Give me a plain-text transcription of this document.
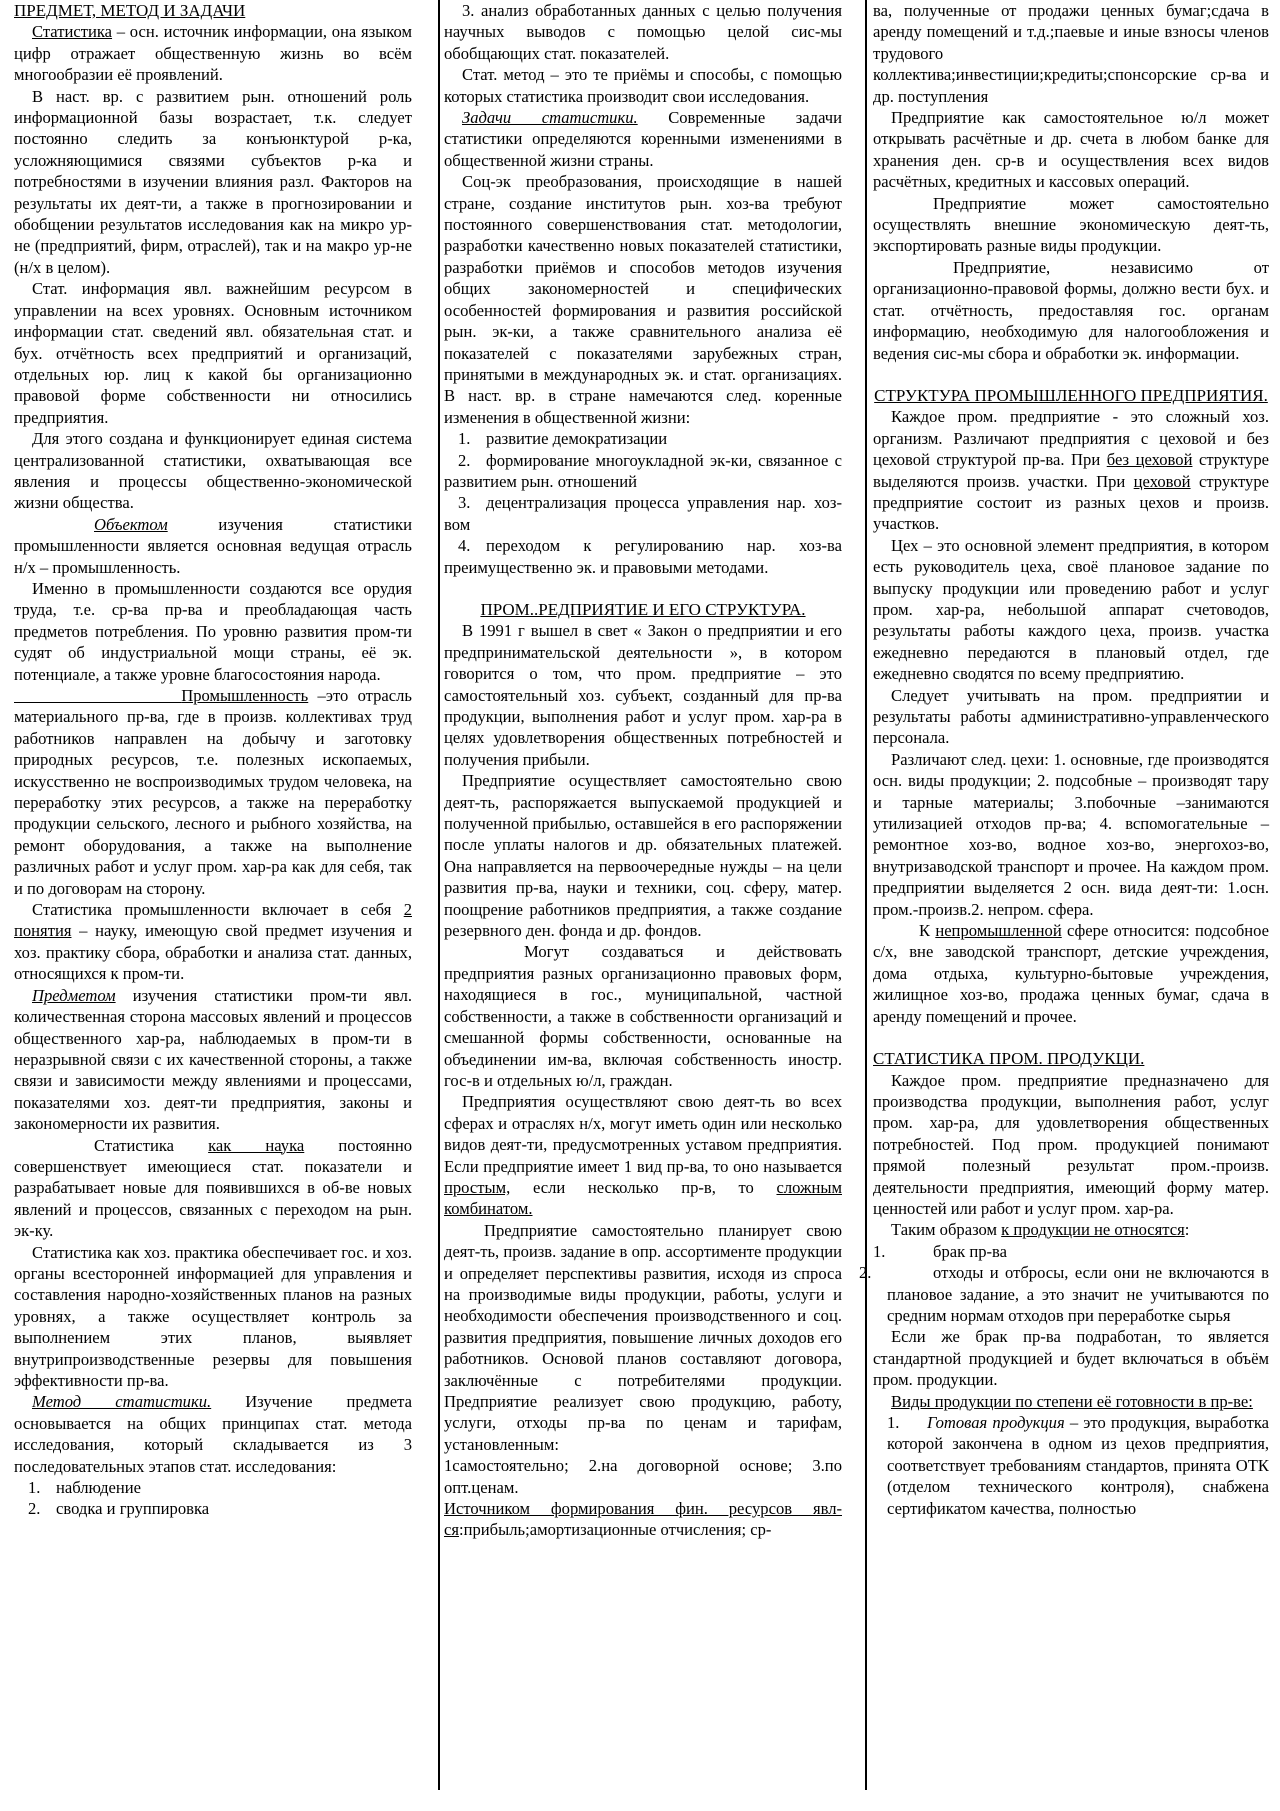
ПРЕДМЕТ, МЕТОД И ЗАДАЧИ

Статистика – осн. источник информации, она языком цифр отражает общественную жизнь во всём многообразии её проявлений.

В наст. вр. с развитием рын. отношений роль информационной базы возрастает, т.к. следует постоянно следить за конъюнктурой р-ка, усложняющимися связями субъектов р-ка и потребностями в изучении влияния разл. Факторов на результаты их деят-ти, а также в прогнозировании и обобщении результатов исследования как на микро ур-не (предприятий, фирм, отраслей), так и на макро ур-не (н/х в целом).

Стат. информация явл. важнейшим ресурсом в управлении на всех уровнях. Основным источником информации стат. сведений явл. обязательная стат. и бух. отчётность всех предприятий и организаций, отдельных юр. лиц к какой бы организационно правовой форме собственности ни относились предприятия.

Для этого создана и функционирует единая система централизованной статистики, охватывающая все явления и процессы общественно-экономической жизни общества.

Объектом изучения статистики промышленности является основная ведущая отрасль н/х – промышленность.

Именно в промышленности создаются все орудия труда, т.е. ср-ва пр-ва и преобладающая часть предметов потребления. По уровню развития пром-ти судят об индустриальной мощи страны, её эк. потенциале, а также уровне благосостояния народа.

Промышленность –это отрасль материального пр-ва, где в произв. коллективах труд работников направлен на добычу и заготовку природных ресурсов, т.е. полезных ископаемых, искусственно не воспроизводимых трудом человека, на переработку этих ресурсов, а также на переработку продукции сельского, лесного и рыбного хозяйства, на ремонт оборудования, а также на выполнение различных работ и услуг пром. хар-ра как для себя, так и по договорам на сторону.

Статистика промышленности включает в себя 2 понятия – науку, имеющую свой предмет изучения и хоз. практику сбора, обработки и анализа стат. данных, относящихся к пром-ти.

Предметом изучения статистики пром-ти явл. количественная сторона массовых явлений и процессов общественного хар-ра, наблюдаемых в пром-ти в неразрывной связи с их качественной стороны, а также связи и зависимости между явлениями и процессами, показателями хоз. деят-ти предприятия, законы и закономерности их развития.

Статистика как наука постоянно совершенствует имеющиеся стат. показатели и разрабатывает новые для появившихся в об-ве новых явлений и процессов, связанных с переходом на рын. эк-ку.

Статистика как хоз. практика обеспечивает гос. и хоз. органы всесторонней информацией для управления и составления народно-хозяйственных планов на разных уровнях, а также осуществляет контроль за выполнением этих планов, выявляет внутрипроизводственные резервы для повышения эффективности пр-ва.

Метод статистики. Изучение предмета основывается на общих принципах стат. метода исследования, который складывается из 3 последовательных этапов стат. исследования:

1. наблюдение
2. сводка и группировка

3. анализ обработанных данных с целью получения научных выводов с помощью целой сис-мы обобщающих стат. показателей.

Стат. метод – это те приёмы и способы, с помощью которых статистика производит свои исследования.

Задачи статистики. Современные задачи статистики определяются коренными изменениями в общественной жизни страны.

Соц-эк преобразования, происходящие в нашей стране, создание институтов рын. хоз-ва требуют постоянного совершенствования стат. методологии, разработки качественно новых показателей статистики, разработки приёмов и способов методов изучения общих закономерностей и специфических особенностей формирования и развития российской рын. эк-ки, а также сравнительного анализа её показателей с показателями зарубежных стран, принятыми в международных эк. и стат. организациях. В наст. вр. в стране намечаются след. коренные изменения в общественной жизни:

1. развитие демократизации
2. формирование многоукладной эк-ки, связанное с развитием рын. отношений
3. децентрализация процесса управления нар. хоз-вом
4. переходом к регулированию нар. хоз-ва преимущественно эк. и правовыми методами.

ПРОМ..РЕДПРИЯТИЕ И ЕГО СТРУКТУРА.

В 1991 г вышел в свет « Закон о предприятии и его предпринимательской деятельности », в котором говорится о том, что пром. предприятие – это самостоятельный хоз. субъект, созданный для пр-ва продукции, выполнения работ и услуг пром. хар-ра в целях удовлетворения общественных потребностей и получения прибыли.

Предприятие осуществляет самостоятельно свою деят-ть, распоряжается выпускаемой продукцией и полученной прибылью, оставшейся в его распоряжении после уплаты налогов и др. обязательных платежей. Она направляется на первоочередные нужды – на цели развития пр-ва, науки и техники, соц. сферу, матер. поощрение работников предприятия, а также создание резервного ден. фонда и др. фондов.

Могут создаваться и действовать предприятия разных организационно правовых форм, находящиеся в гос., муниципальной, частной собственности, а также в собственности организаций и смешанной формы собственности, основанные на объединении им-ва, включая собственность иностр. гос-в и отдельных ю/л, граждан.

Предприятия осуществляют свою деят-ть во всех сферах и отраслях н/х, могут иметь один или несколько видов деят-ти, предусмотренных уставом предприятия. Если предприятие имеет 1 вид пр-ва, то оно называется простым, если несколько пр-в, то сложным комбинатом.

Предприятие самостоятельно планирует свою деят-ть, произв. задание в опр. ассортименте продукции и определяет перспективы развития, исходя из спроса на производимые виды продукции, работы, услуги и необходимости обеспечения производственного и соц. развития предприятия, повышение личных доходов его работников. Основой планов составляют договора, заключённые с потребителями продукции. Предприятие реализует свою продукцию, работу, услуги, отходы пр-ва по ценам и тарифам, установленным:

1самостоятельно; 2.на договорной основе; 3.по опт.ценам.

Источником формирования фин. ресурсов явл-ся:прибыль;амортизационные отчисления; ср-

ва, полученные от продажи ценных бумаг;сдача в аренду помещений и т.д.;паевые и иные взносы членов трудового коллектива;инвестиции;кредиты;спонсорские ср-ва и др. поступления

Предприятие как самостоятельное ю/л может открывать расчётные и др. счета в любом банке для хранения ден. ср-в и осуществления всех видов расчётных, кредитных и кассовых операций.

Предприятие может самостоятельно осуществлять внешние экономическую деят-ть, экспортировать разные виды продукции.

Предприятие, независимо от организационно-правовой формы, должно вести бух. и стат. отчётность, предоставляя гос. органам информацию, необходимую для налогообложения и ведения сис-мы сбора и обработки эк. информации.

СТРУКТУРА ПРОМЫШЛЕННОГО ПРЕДПРИЯТИЯ.

Каждое пром. предприятие - это сложный хоз. организм. Различают предприятия с цеховой и без цеховой структурой пр-ва. При без цеховой структуре выделяются произв. участки. При цеховой структуре предприятие состоит из разных цехов и произв. участков.

Цех – это основной элемент предприятия, в котором есть руководитель цеха, своё плановое задание по выпуску продукции или проведению работ и услуг пром. хар-ра, небольшой аппарат счетоводов, результаты работы каждого цеха, произв. участка ежедневно передаются в плановый отдел, где ежедневно сводятся по всему предприятию.

Следует учитывать на пром. предприятии и результаты работы административно-управленческого персонала.

Различают след. цехи: 1. основные, где производятся осн. виды продукции; 2. подсобные – производят тару и тарные материалы; 3.побочные –занимаются утилизацией отходов пр-ва; 4. вспомогательные – ремонтное хоз-во, водное хоз-во, энергохоз-во, внутризаводской транспорт и прочее. На каждом пром. предприятии выделяется 2 осн. вида деят-ти: 1.осн. пром.-произв.2. непром. сфера.

К непромышленной сфере относится: подсобное с/х, вне заводской транспорт, детские учреждения, дома отдыха, культурно-бытовые учреждения, жилищное хоз-во, продажа ценных бумаг, сдача в аренду помещений и прочее.

СТАТИСТИКА ПРОМ. ПРОДУКЦИ.

Каждое пром. предприятие предназначено для производства продукции, выполнения работ, услуг пром. хар-ра, для удовлетворения общественных потребностей. Под пром. продукцией понимают прямой полезный результат пром.-произв. деятельности предприятия, имеющий форму матер. ценностей или работ и услуг пром. хар-ра.

Таким образом к продукции не относятся:

1.	брак пр-ва
2.	отходы и отбросы, если они не включаются в плановое задание, а это значит не учитываются по средним нормам отходов при переработке сырья

Если же брак пр-ва подработан, то является стандартной продукцией и будет включаться в объём пром. продукции.

Виды продукции по степени её готовности в пр-ве:

1. Готовая продукция – это продукция, выработка которой закончена в одном из цехов предприятия, соответствует требованиям стандартов, принята ОТК (отделом технического контроля), снабжена сертификатом качества, полностью
